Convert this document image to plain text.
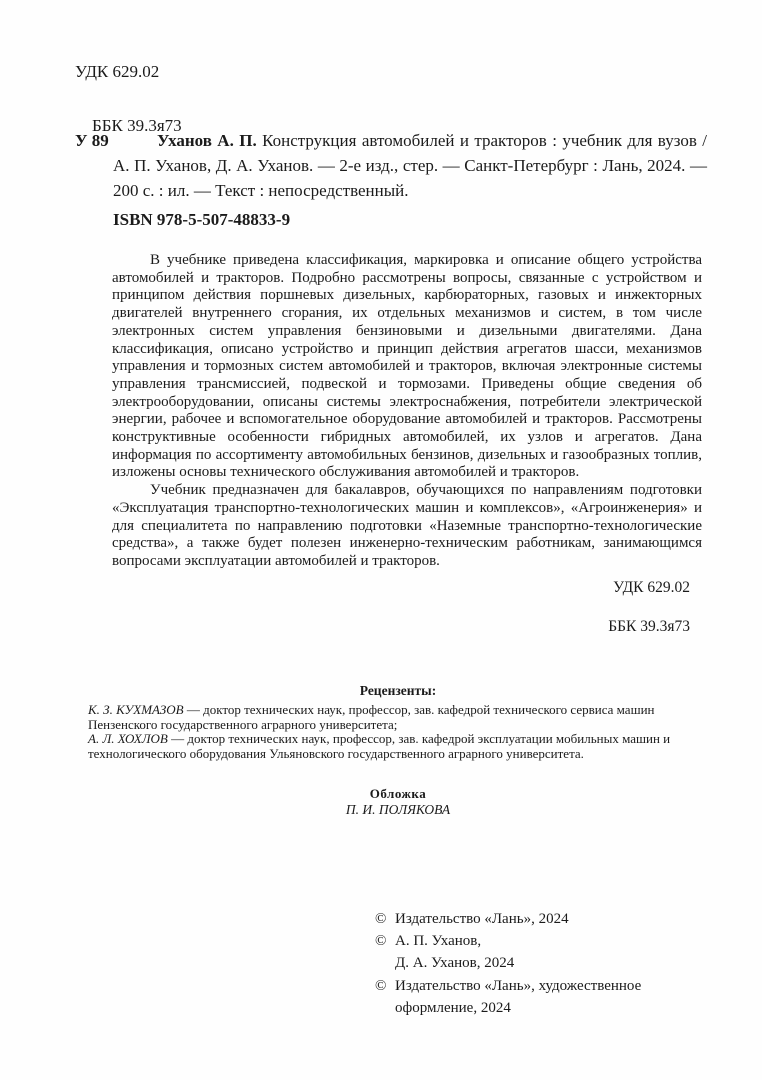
УДК 629.02

ББК 39.3я73

У 89	Уханов А. П. Конструкция автомобилей и тракторов : учебник для вузов / А. П. Уханов, Д. А. Уханов. — 2-е изд., стер. — Санкт-Петербург : Лань, 2024. — 200 с. : ил. — Текст : непосредственный.
ISBN 978-5-507-48833-9

В учебнике приведена классификация, маркировка и описание общего устройства автомобилей и тракторов. Подробно рассмотрены вопросы, связанные с устройством и принципом действия поршневых дизельных, карбюраторных, газовых и инжекторных двигателей внутреннего сгорания, их отдельных механизмов и систем, в том числе электронных систем управления бензиновыми и дизельными двигателями. Дана классификация, описано устройство и принцип действия агрегатов шасси, механизмов управления и тормозных систем автомобилей и тракторов, включая электронные системы управления трансмиссией, подвеской и тормозами. Приведены общие сведения об электрооборудовании, описаны системы электроснабжения, потребители электрической энергии, рабочее и вспомогательное оборудование автомобилей и тракторов. Рассмотрены конструктивные особенности гибридных автомобилей, их узлов и агрегатов. Дана информация по ассортименту автомобильных бензинов, дизельных и газообразных топлив, изложены основы технического обслуживания автомобилей и тракторов.

Учебник предназначен для бакалавров, обучающихся по направлениям подготовки «Эксплуатация транспортно-технологических машин и комплексов», «Агроинженерия» и для специалитета по направлению подготовки «Наземные транспортно-технологические средства», а также будет полезен инженерно-техническим работникам, занимающимся вопросами эксплуатации автомобилей и тракторов.

УДК 629.02

ББК 39.3я73

Рецензенты:
К. З. КУХМАЗОВ — доктор технических наук, профессор, зав. кафедрой технического сервиса машин Пензенского государственного аграрного университета;
А. Л. ХОХЛОВ — доктор технических наук, профессор, зав. кафедрой эксплуатации мобильных машин и технологического оборудования Ульяновского государственного аграрного университета.
Обложка
П. И. ПОЛЯКОВА
© Издательство «Лань», 2024
© А. П. Уханов,
Д. А. Уханов, 2024
© Издательство «Лань», художественное
оформление, 2024
